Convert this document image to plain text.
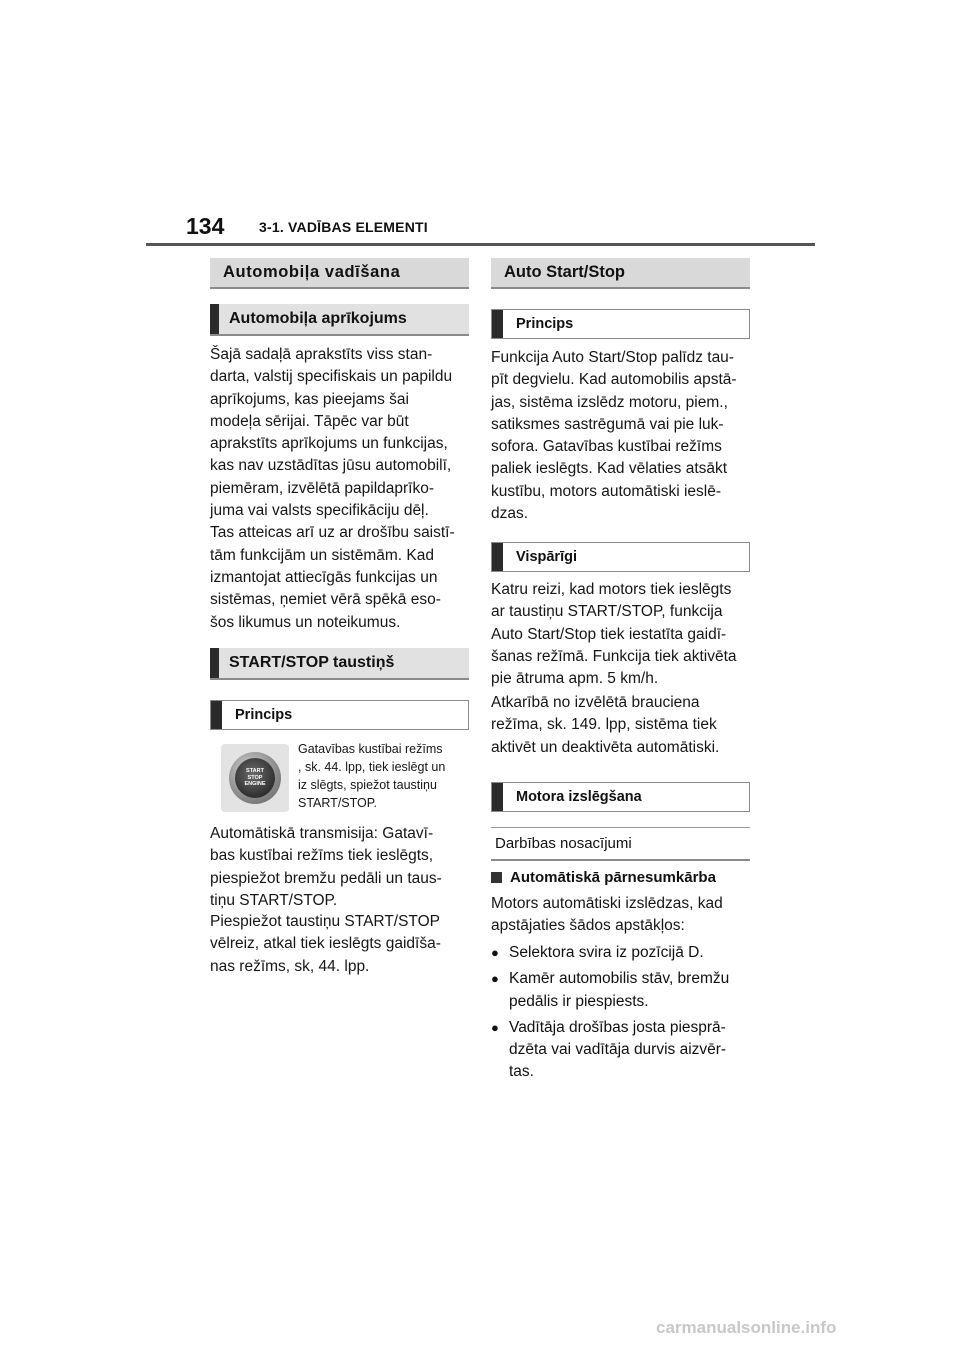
134 3-1. VADĪBAS ELEMENTI
Automobiļa vadīšana
Automobiļa aprīkojums
Šajā sadaļā aprakstīts viss stan-
darta, valstij specifiskais un papildu
aprīkojums, kas pieejams šai
modeļa sērijai. Tāpēc var būt
aprakstīts aprīkojums un funkcijas,
kas nav uzstādītas jūsu automobilī,
piemēram, izvēlētā papildaprīko-
juma vai valsts specifikāciju dēļ.
Tas atteicas arī uz ar drošību saistī-
tām funkcijām un sistēmām. Kad
izmantojat attiecīgās funkcijas un
sistēmas, ņemiet vērā spēkā eso-
šos likumus un noteikumus.
START/STOP taustiņš
Princips
START
STOP
ENGINE
Gatavības kustībai režīms
, sk. 44. lpp, tiek ieslēgt un
iz slēgts, spiežot taustiņu
START/STOP.
Automātiskā transmisija: Gatavī-
bas kustībai režīms tiek ieslēgts,
piespiežot bremžu pedāli un taus-
tiņu START/STOP.
Piespiežot taustiņu START/STOP
vēlreiz, atkal tiek ieslēgts gaidīša-
nas režīms, sk, 44. lpp.
Auto Start/Stop
Princips
Funkcija Auto Start/Stop palīdz tau-
pīt degvielu. Kad automobilis apstā-
jas, sistēma izslēdz motoru, piem.,
satiksmes sastrēgumā vai pie luk-
sofora. Gatavības kustībai režīms
paliek ieslēgts. Kad vēlaties atsākt
kustību, motors automātiski ieslē-
dzas.
Vispārīgi
Katru reizi, kad motors tiek ieslēgts
ar taustiņu START/STOP, funkcija
Auto Start/Stop tiek iestatīta gaidī-
šanas režīmā. Funkcija tiek aktivēta
pie ātruma apm. 5 km/h.
Atkarībā no izvēlētā brauciena
režīma, sk. 149. lpp, sistēma tiek
aktivēt un deaktivēta automātiski.
Motora izslēgšana
Darbības nosacījumi
Automātiskā pārnesumkārba
Motors automātiski izslēdzas, kad
apstājaties šādos apstākļos:
● Selektora svira iz pozīcijā D.
● Kamēr automobilis stāv, bremžu
pedālis ir piespiests.
● Vadītāja drošības josta piesprā-
dzēta vai vadītāja durvis aizvēr-
tas.
carmanualsonline.info
